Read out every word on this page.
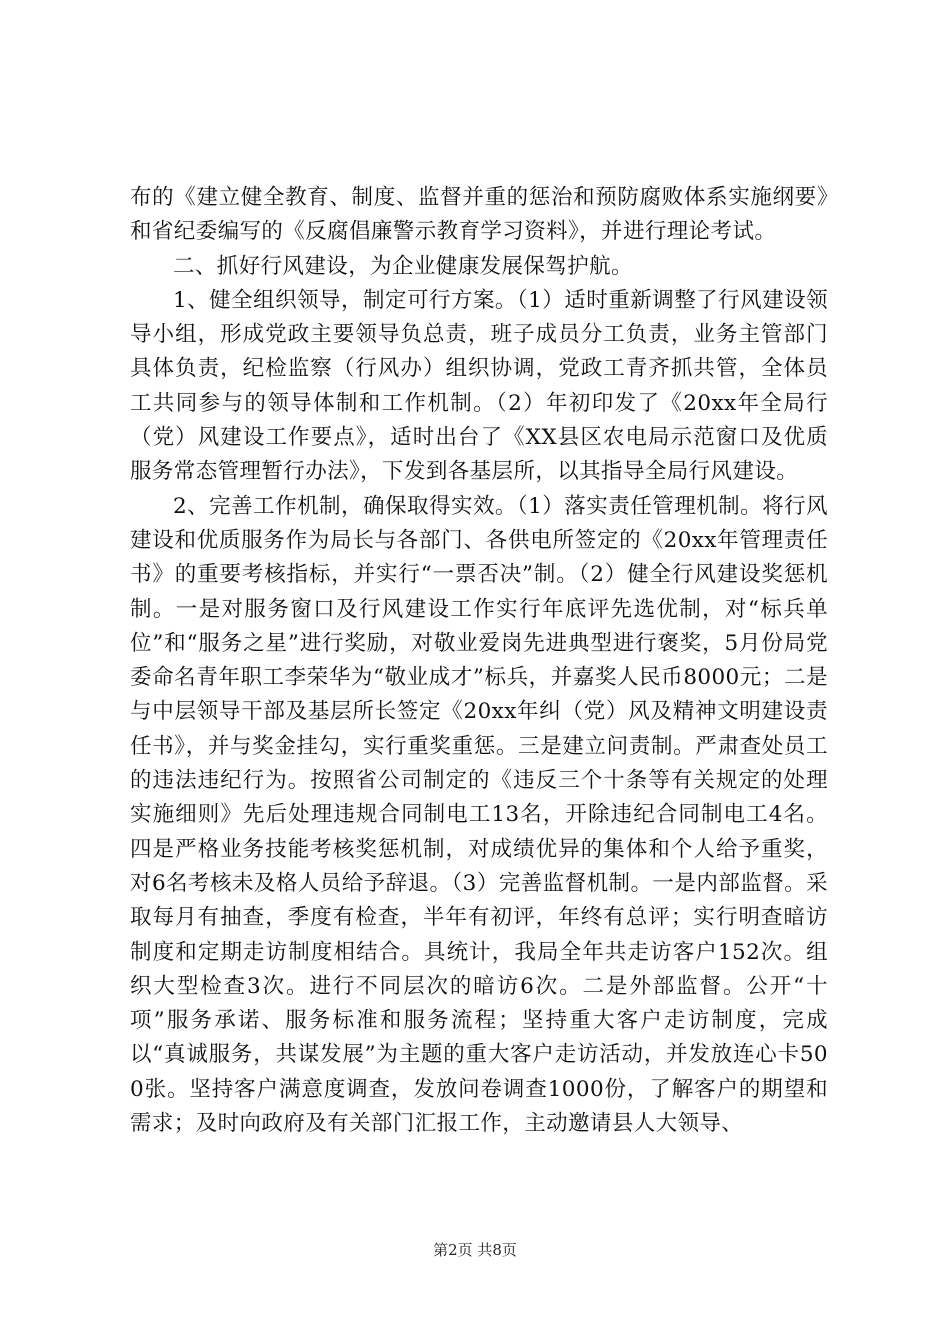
布的《建立健全教育、制度、监督并重的惩治和预防腐败体系实施纲要》和省纪委编写的《反腐倡廉警示教育学习资料》，并进行理论考试。

二、抓好行风建设，为企业健康发展保驾护航。

1、健全组织领导，制定可行方案。（1）适时重新调整了行风建设领导小组，形成党政主要领导负总责，班子成员分工负责，业务主管部门具体负责，纪检监察（行风办）组织协调，党政工青齐抓共管，全体员工共同参与的领导体制和工作机制。（2）年初印发了《20xx年全局行（党）风建设工作要点》，适时出台了《XX县区农电局示范窗口及优质服务常态管理暂行办法》，下发到各基层所，以其指导全局行风建设。

2、完善工作机制，确保取得实效。（1）落实责任管理机制。将行风建设和优质服务作为局长与各部门、各供电所签定的《20xx年管理责任书》的重要考核指标，并实行“一票否决”制。（2）健全行风建设奖惩机制。一是对服务窗口及行风建设工作实行年底评先选优制，对“标兵单位”和“服务之星”进行奖励，对敬业爱岗先进典型进行褒奖，5月份局党委命名青年职工李荣华为“敬业成才”标兵，并嘉奖人民币8000元；二是与中层领导干部及基层所长签定《20xx年纠（党）风及精神文明建设责任书》，并与奖金挂勾，实行重奖重惩。三是建立问责制。严肃查处员工的违法违纪行为。按照省公司制定的《违反三个十条等有关规定的处理实施细则》先后处理违规合同制电工13名，开除违纪合同制电工4名。四是严格业务技能考核奖惩机制，对成绩优异的集体和个人给予重奖，对6名考核未及格人员给予辞退。（3）完善监督机制。一是内部监督。采取每月有抽查，季度有检查，半年有初评，年终有总评；实行明查暗访制度和定期走访制度相结合。具统计，我局全年共走访客户152次。组织大型检查3次。进行不同层次的暗访6次。二是外部监督。公开“十项”服务承诺、服务标准和服务流程；坚持重大客户走访制度，完成以“真诚服务，共谋发展”为主题的重大客户走访活动，并发放连心卡500张。坚持客户满意度调查，发放问卷调查1000份，了解客户的期望和需求；及时向政府及有关部门汇报工作，主动邀请县人大领导、

第2页 共8页
